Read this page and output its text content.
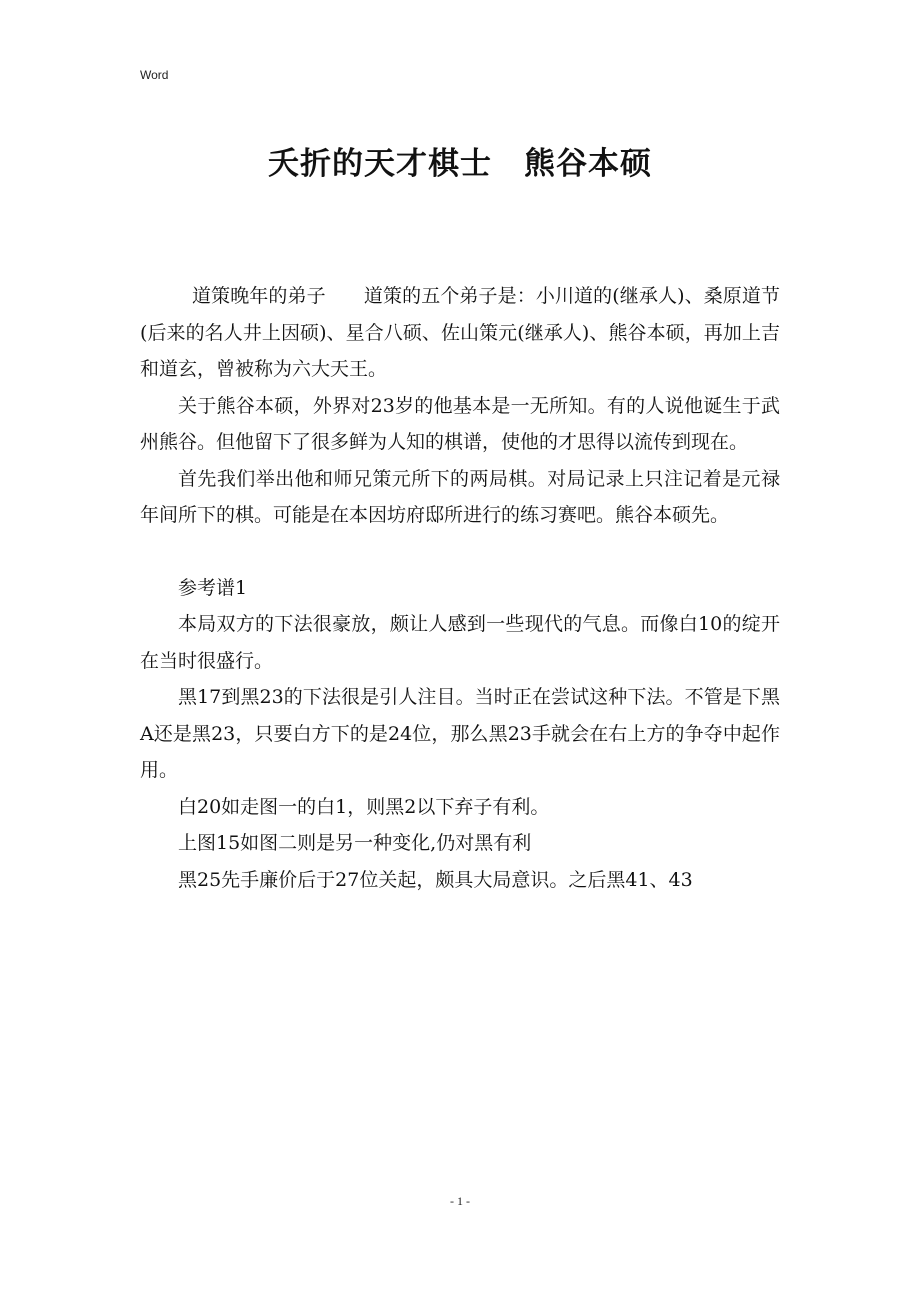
Word
夭折的天才棋士　熊谷本硕

道策晚年的弟子　　道策的五个弟子是：小川道的(继承人)、桑原道节(后来的名人井上因硕)、星合八硕、佐山策元(继承人)、熊谷本硕，再加上吉和道玄，曾被称为六大天王。

关于熊谷本硕，外界对23岁的他基本是一无所知。有的人说他诞生于武州熊谷。但他留下了很多鲜为人知的棋谱，使他的才思得以流传到现在。

首先我们举出他和师兄策元所下的两局棋。对局记录上只注记着是元禄年间所下的棋。可能是在本因坊府邸所进行的练习赛吧。熊谷本硕先。

参考谱1

本局双方的下法很豪放，颇让人感到一些现代的气息。而像白10的绽开在当时很盛行。

黑17到黑23的下法很是引人注目。当时正在尝试这种下法。不管是下黑A还是黑23，只要白方下的是24位，那么黑23手就会在右上方的争夺中起作用。

白20如走图一的白1，则黑2以下弃子有利。

上图15如图二则是另一种变化,仍对黑有利

黑25先手廉价后于27位关起，颇具大局意识。之后黑41、43

- 1 -
